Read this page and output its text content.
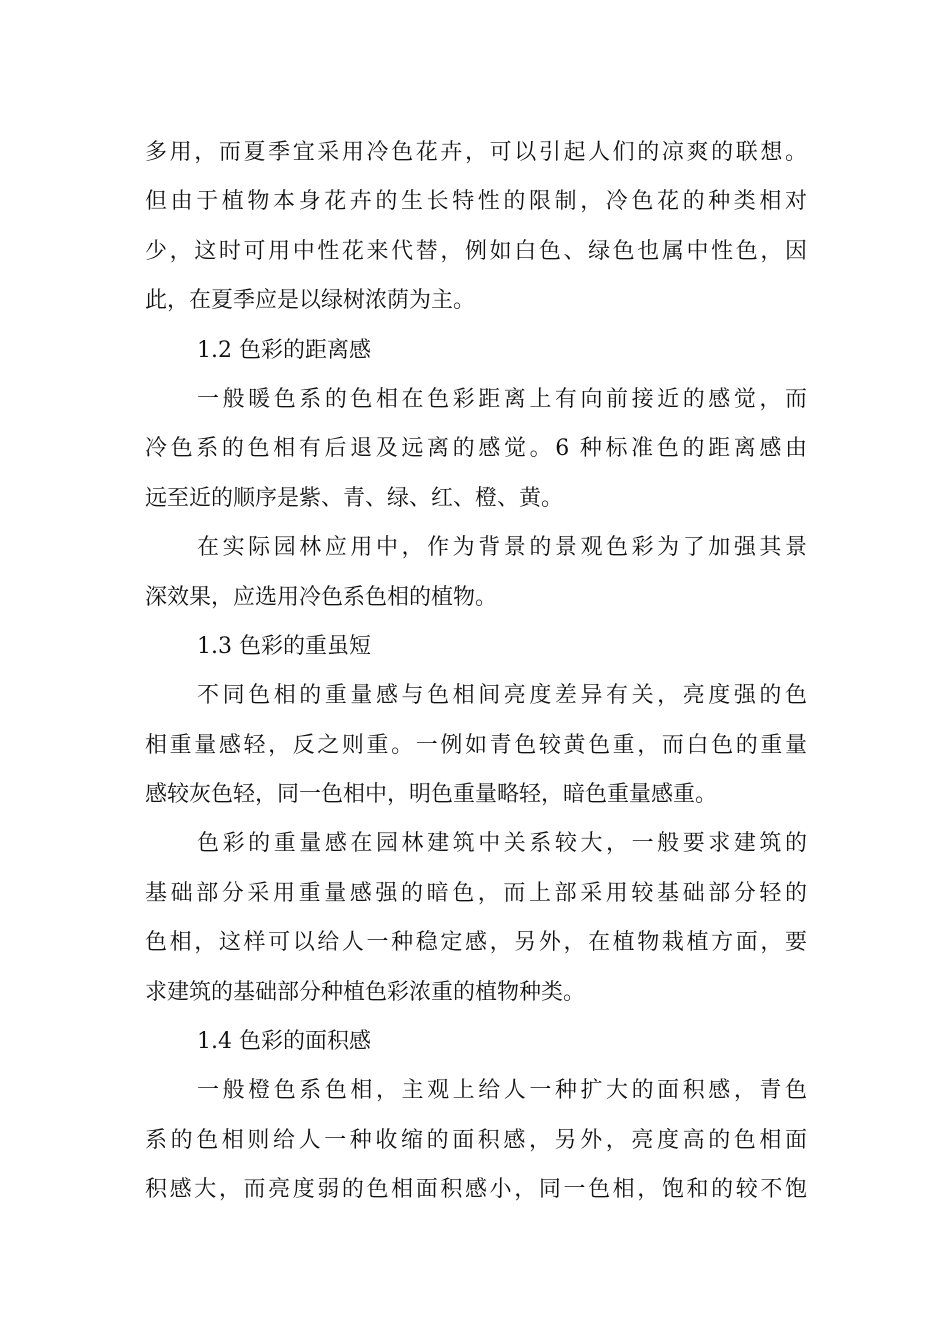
多用，而夏季宜采用冷色花卉，可以引起人们的凉爽的联想。
但由于植物本身花卉的生长特性的限制，冷色花的种类相对
少，这时可用中性花来代替，例如白色、绿色也属中性色，因
此，在夏季应是以绿树浓荫为主。
1.2 色彩的距离感
一般暖色系的色相在色彩距离上有向前接近的感觉，而
冷色系的色相有后退及远离的感觉。6 种标准色的距离感由
远至近的顺序是紫、青、绿、红、橙、黄。
在实际园林应用中，作为背景的景观色彩为了加强其景
深效果，应选用冷色系色相的植物。
1.3 色彩的重虽短
不同色相的重量感与色相间亮度差异有关，亮度强的色
相重量感轻，反之则重。一例如青色较黄色重，而白色的重量
感较灰色轻，同一色相中，明色重量略轻，暗色重量感重。
色彩的重量感在园林建筑中关系较大，一般要求建筑的
基础部分采用重量感强的暗色，而上部采用较基础部分轻的
色相，这样可以给人一种稳定感，另外，在植物栽植方面，要
求建筑的基础部分种植色彩浓重的植物种类。
1.4 色彩的面积感
一般橙色系色相，主观上给人一种扩大的面积感，青色
系的色相则给人一种收缩的面积感，另外，亮度高的色相面
积感大，而亮度弱的色相面积感小，同一色相，饱和的较不饱
